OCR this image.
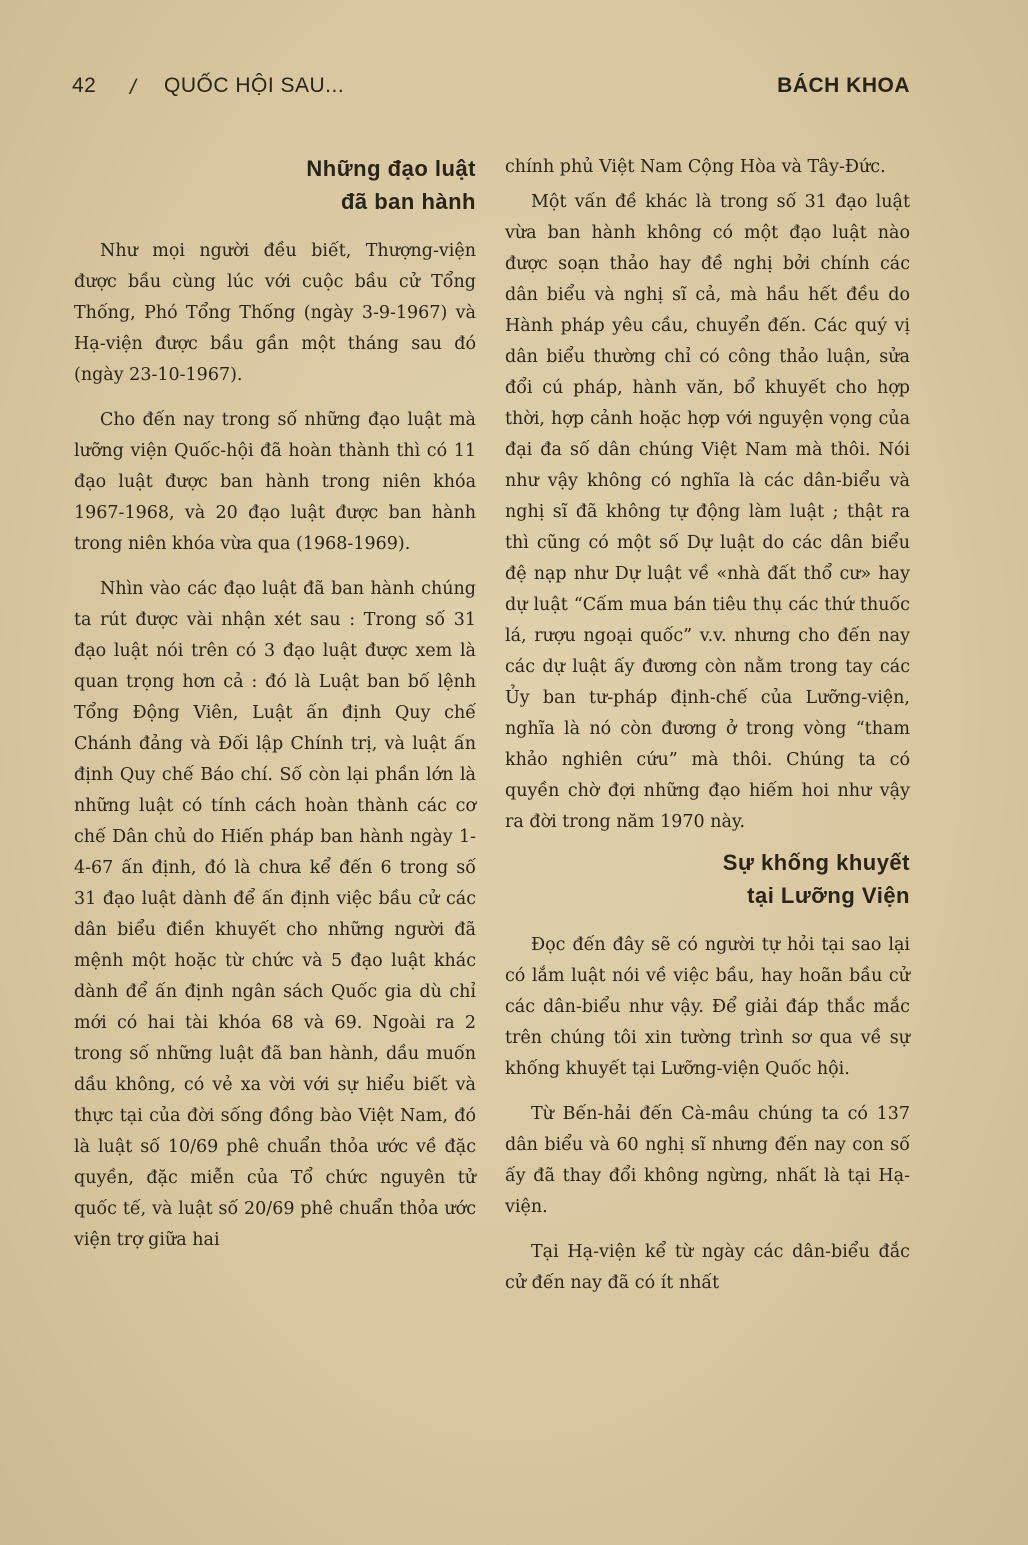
42 / QUỐC HỘI SAU...	BÁCH KHOA
Những đạo luật
đã ban hành

Như mọi người đều biết, Thượng-viện được bầu cùng lúc với cuộc bầu cử Tổng Thống, Phó Tổng Thống (ngày 3-9-1967) và Hạ-viện được bầu gần một tháng sau đó (ngày 23-10-1967).

Cho đến nay trong số những đạo luật mà lưỡng viện Quốc-hội đã hoàn thành thì có 11 đạo luật được ban hành trong niên khóa 1967-1968, và 20 đạo luật được ban hành trong niên khóa vừa qua (1968-1969).

Nhìn vào các đạo luật đã ban hành chúng ta rút được vài nhận xét sau : Trong số 31 đạo luật nói trên có 3 đạo luật được xem là quan trọng hơn cả : đó là Luật ban bố lệnh Tổng Động Viên, Luật ấn định Quy chế Chánh đảng và Đối lập Chính trị, và luật ấn định Quy chế Báo chí. Số còn lại phần lớn là những luật có tính cách hoàn thành các cơ chế Dân chủ do Hiến pháp ban hành ngày 1-4-67 ấn định, đó là chưa kể đến 6 trong số 31 đạo luật dành để ấn định việc bầu cử các dân biểu điền khuyết cho những người đã mệnh một hoặc từ chức và 5 đạo luật khác dành để ấn định ngân sách Quốc gia dù chỉ mới có hai tài khóa 68 và 69. Ngoài ra 2 trong số những luật đã ban hành, dầu muốn dầu không, có vẻ xa vời với sự hiểu biết và thực tại của đời sống đồng bào Việt Nam, đó là luật số 10/69 phê chuẩn thỏa ước về đặc quyền, đặc miễn của Tổ chức nguyên tử quốc tế, và luật số 20/69 phê chuẩn thỏa ước viện trợ giữa hai

chính phủ Việt Nam Cộng Hòa và Tây-Đức.

Một vấn đề khác là trong số 31 đạo luật vừa ban hành không có một đạo luật nào được soạn thảo hay đề nghị bởi chính các dân biểu và nghị sĩ cả, mà hầu hết đều do Hành pháp yêu cầu, chuyển đến. Các quý vị dân biểu thường chỉ có công thảo luận, sửa đổi cú pháp, hành văn, bổ khuyết cho hợp thời, hợp cảnh hoặc hợp với nguyện vọng của đại đa số dân chúng Việt Nam mà thôi. Nói như vậy không có nghĩa là các dân-biểu và nghị sĩ đã không tự động làm luật ; thật ra thì cũng có một số Dự luật do các dân biểu đệ nạp như Dự luật về «nhà đất thổ cư» hay dự luật “Cấm mua bán tiêu thụ các thứ thuốc lá, rượu ngoại quốc” v.v. nhưng cho đến nay các dự luật ấy đương còn nằm trong tay các Ủy ban tư-pháp định-chế của Lưỡng-viện, nghĩa là nó còn đương ở trong vòng “tham khảo nghiên cứu” mà thôi. Chúng ta có quyền chờ đợi những đạo hiếm hoi như vậy ra đời trong năm 1970 này.

Sự khống khuyết
tại Lưỡng Viện

Đọc đến đây sẽ có người tự hỏi tại sao lại có lắm luật nói về việc bầu, hay hoãn bầu cử các dân-biểu như vậy. Để giải đáp thắc mắc trên chúng tôi xin tường trình sơ qua về sự khống khuyết tại Lưỡng-viện Quốc hội.

Từ Bến-hải đến Cà-mâu chúng ta có 137 dân biểu và 60 nghị sĩ nhưng đến nay con số ấy đã thay đổi không ngừng, nhất là tại Hạ-viện.

Tại Hạ-viện kể từ ngày các dân-biểu đắc cử đến nay đã có ít nhất
